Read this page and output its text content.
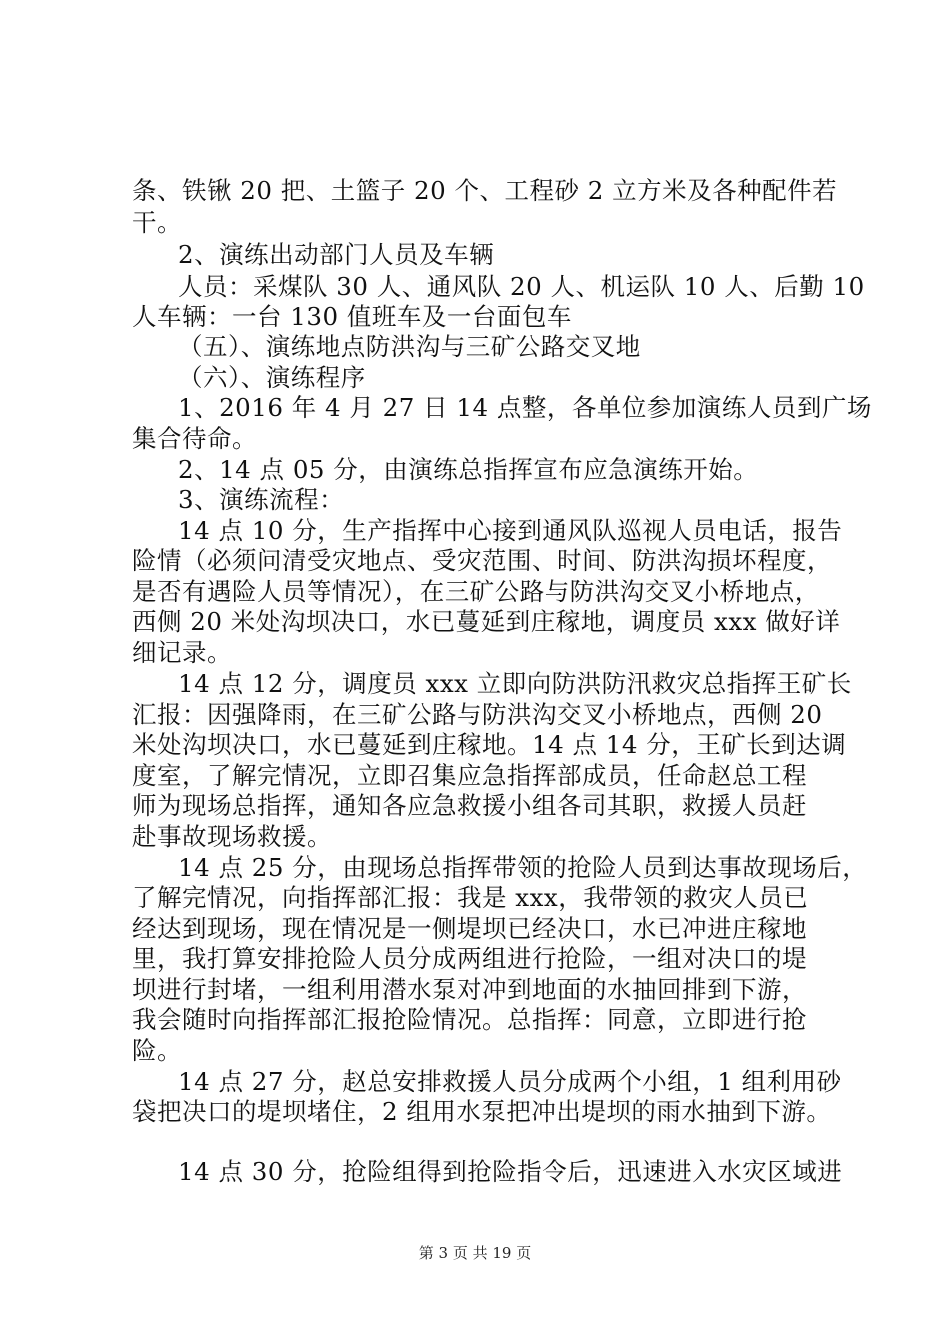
条、铁锹 20 把、土篮子 20 个、工程砂 2 立方米及各种配件若
干。
2、演练出动部门人员及车辆
人员：采煤队 30 人、通风队 20 人、机运队 10 人、后勤 10
人车辆：一台 130 值班车及一台面包车
（五）、演练地点防洪沟与三矿公路交叉地
（六）、演练程序
1、2016 年 4 月 27 日 14 点整，各单位参加演练人员到广场
集合待命。
2、14 点 05 分，由演练总指挥宣布应急演练开始。
3、演练流程：
14 点 10 分，生产指挥中心接到通风队巡视人员电话，报告
险情（必须问清受灾地点、受灾范围、时间、防洪沟损坏程度，
是否有遇险人员等情况），在三矿公路与防洪沟交叉小桥地点，
西侧 20 米处沟坝决口，水已蔓延到庄稼地，调度员 xxx 做好详
细记录。
14 点 12 分，调度员 xxx 立即向防洪防汛救灾总指挥王矿长
汇报：因强降雨，在三矿公路与防洪沟交叉小桥地点，西侧 20
米处沟坝决口，水已蔓延到庄稼地。14 点 14 分，王矿长到达调
度室，了解完情况，立即召集应急指挥部成员，任命赵总工程
师为现场总指挥，通知各应急救援小组各司其职，救援人员赶
赴事故现场救援。
14 点 25 分，由现场总指挥带领的抢险人员到达事故现场后，
了解完情况，向指挥部汇报：我是 xxx，我带领的救灾人员已
经达到现场，现在情况是一侧堤坝已经决口，水已冲进庄稼地
里，我打算安排抢险人员分成两组进行抢险，一组对决口的堤
坝进行封堵，一组利用潜水泵对冲到地面的水抽回排到下游，
我会随时向指挥部汇报抢险情况。总指挥：同意，立即进行抢
险。
14 点 27 分，赵总安排救援人员分成两个小组，1 组利用砂
袋把决口的堤坝堵住，2 组用水泵把冲出堤坝的雨水抽到下游。
14 点 30 分，抢险组得到抢险指令后，迅速进入水灾区域进
第 3 页 共 19 页
